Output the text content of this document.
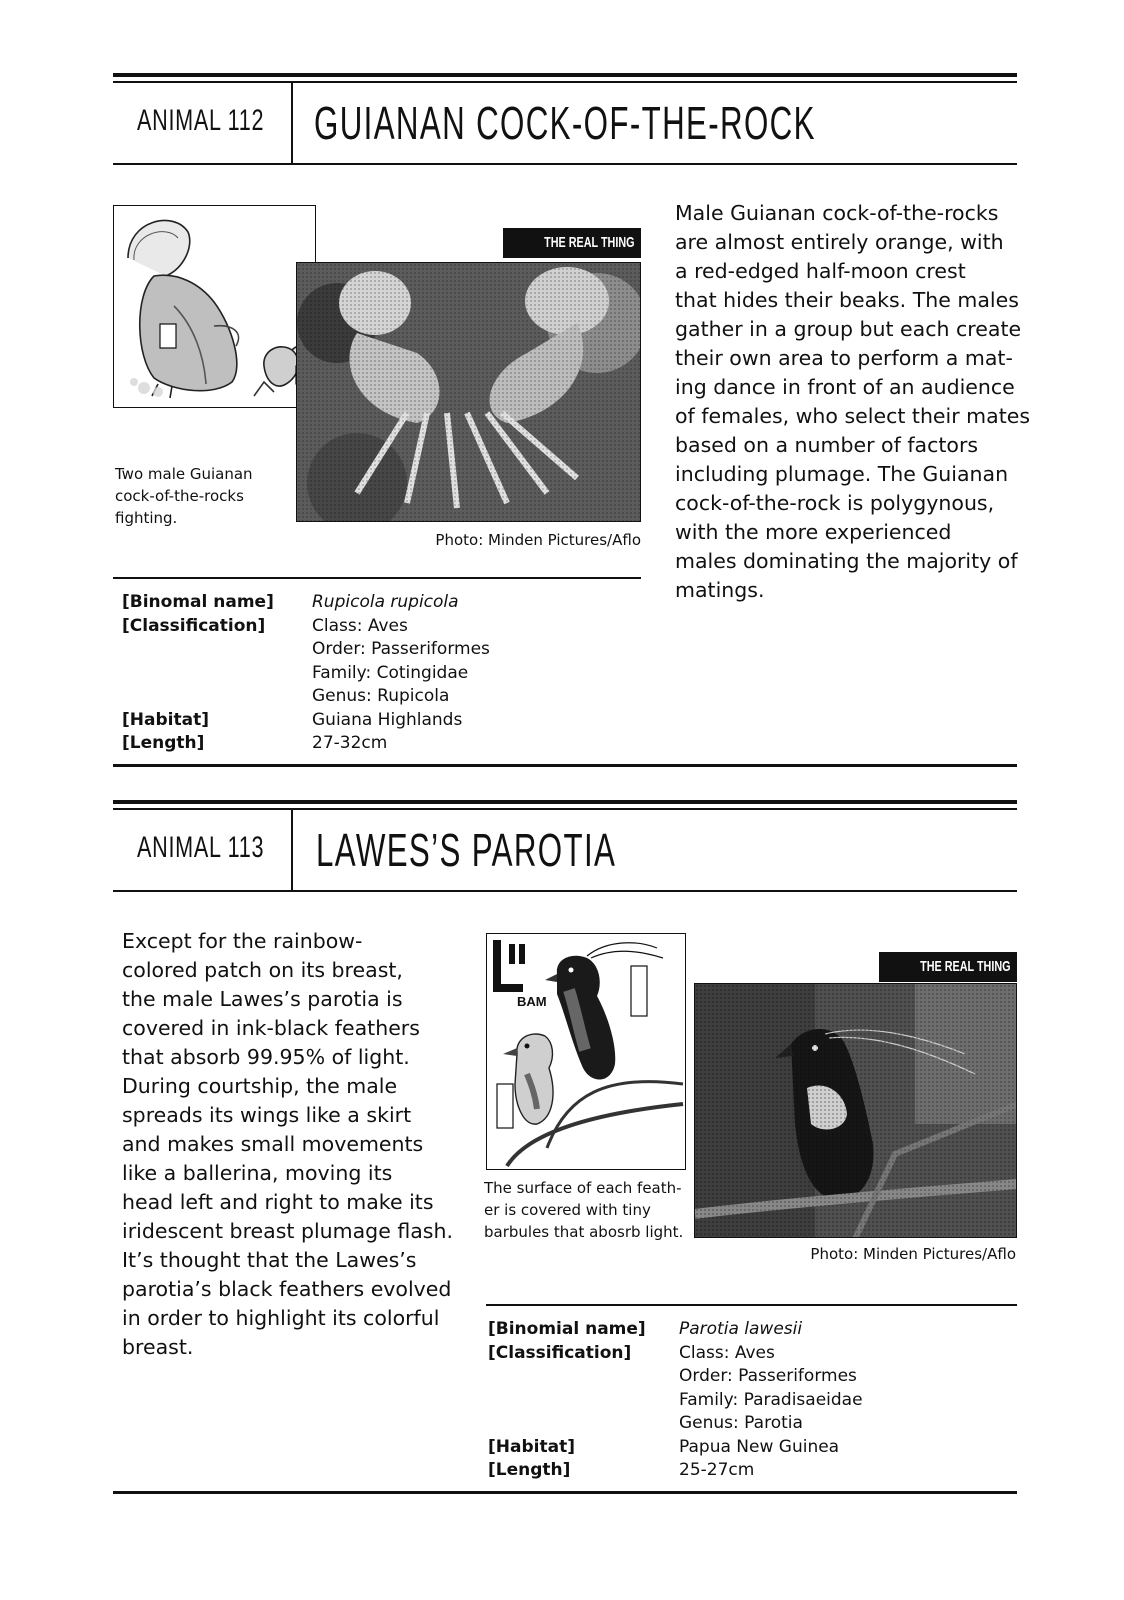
ANIMAL 112	GUIANAN COCK-OF-THE-ROCK
Two male Guianan
cock-of-the-rocks
fighting.
THE REAL THING
Photo: Minden Pictures/Aflo
Male Guianan cock-of-the-rocks
are almost entirely orange, with
a red-edged half-moon crest
that hides their beaks. The males
gather in a group but each create
their own area to perform a mat-
ing dance in front of an audience
of females, who select their mates
based on a number of factors
including plumage. The Guianan
cock-of-the-rock is polygynous,
with the more experienced
males dominating the majority of
matings.
[Binomal name] Rupicola rupicola
[Classification]	Class: Aves
Order: Passeriformes
Family: Cotingidae
Genus: Rupicola
[Habitat]	Guiana Highlands
[Length]	27-32cm
ANIMAL 113	LAWES’S PAROTIA
Except for the rainbow-
colored patch on its breast,
the male Lawes’s parotia is
covered in ink-black feathers
that absorb 99.95% of light.
During courtship, the male
spreads its wings like a skirt
and makes small movements
like a ballerina, moving its
head left and right to make its
iridescent breast plumage flash.
It’s thought that the Lawes’s
parotia’s black feathers evolved
in order to highlight its colorful
breast.
BAM
The surface of each feath-
er is covered with tiny
barbules that abosrb light.
THE REAL THING
Photo: Minden Pictures/Aflo
[Binomial name] Parotia lawesii
[Classification]	Class: Aves
Order: Passeriformes
Family: Paradisaeidae
Genus: Parotia
[Habitat]	Papua New Guinea
[Length]	25-27cm
